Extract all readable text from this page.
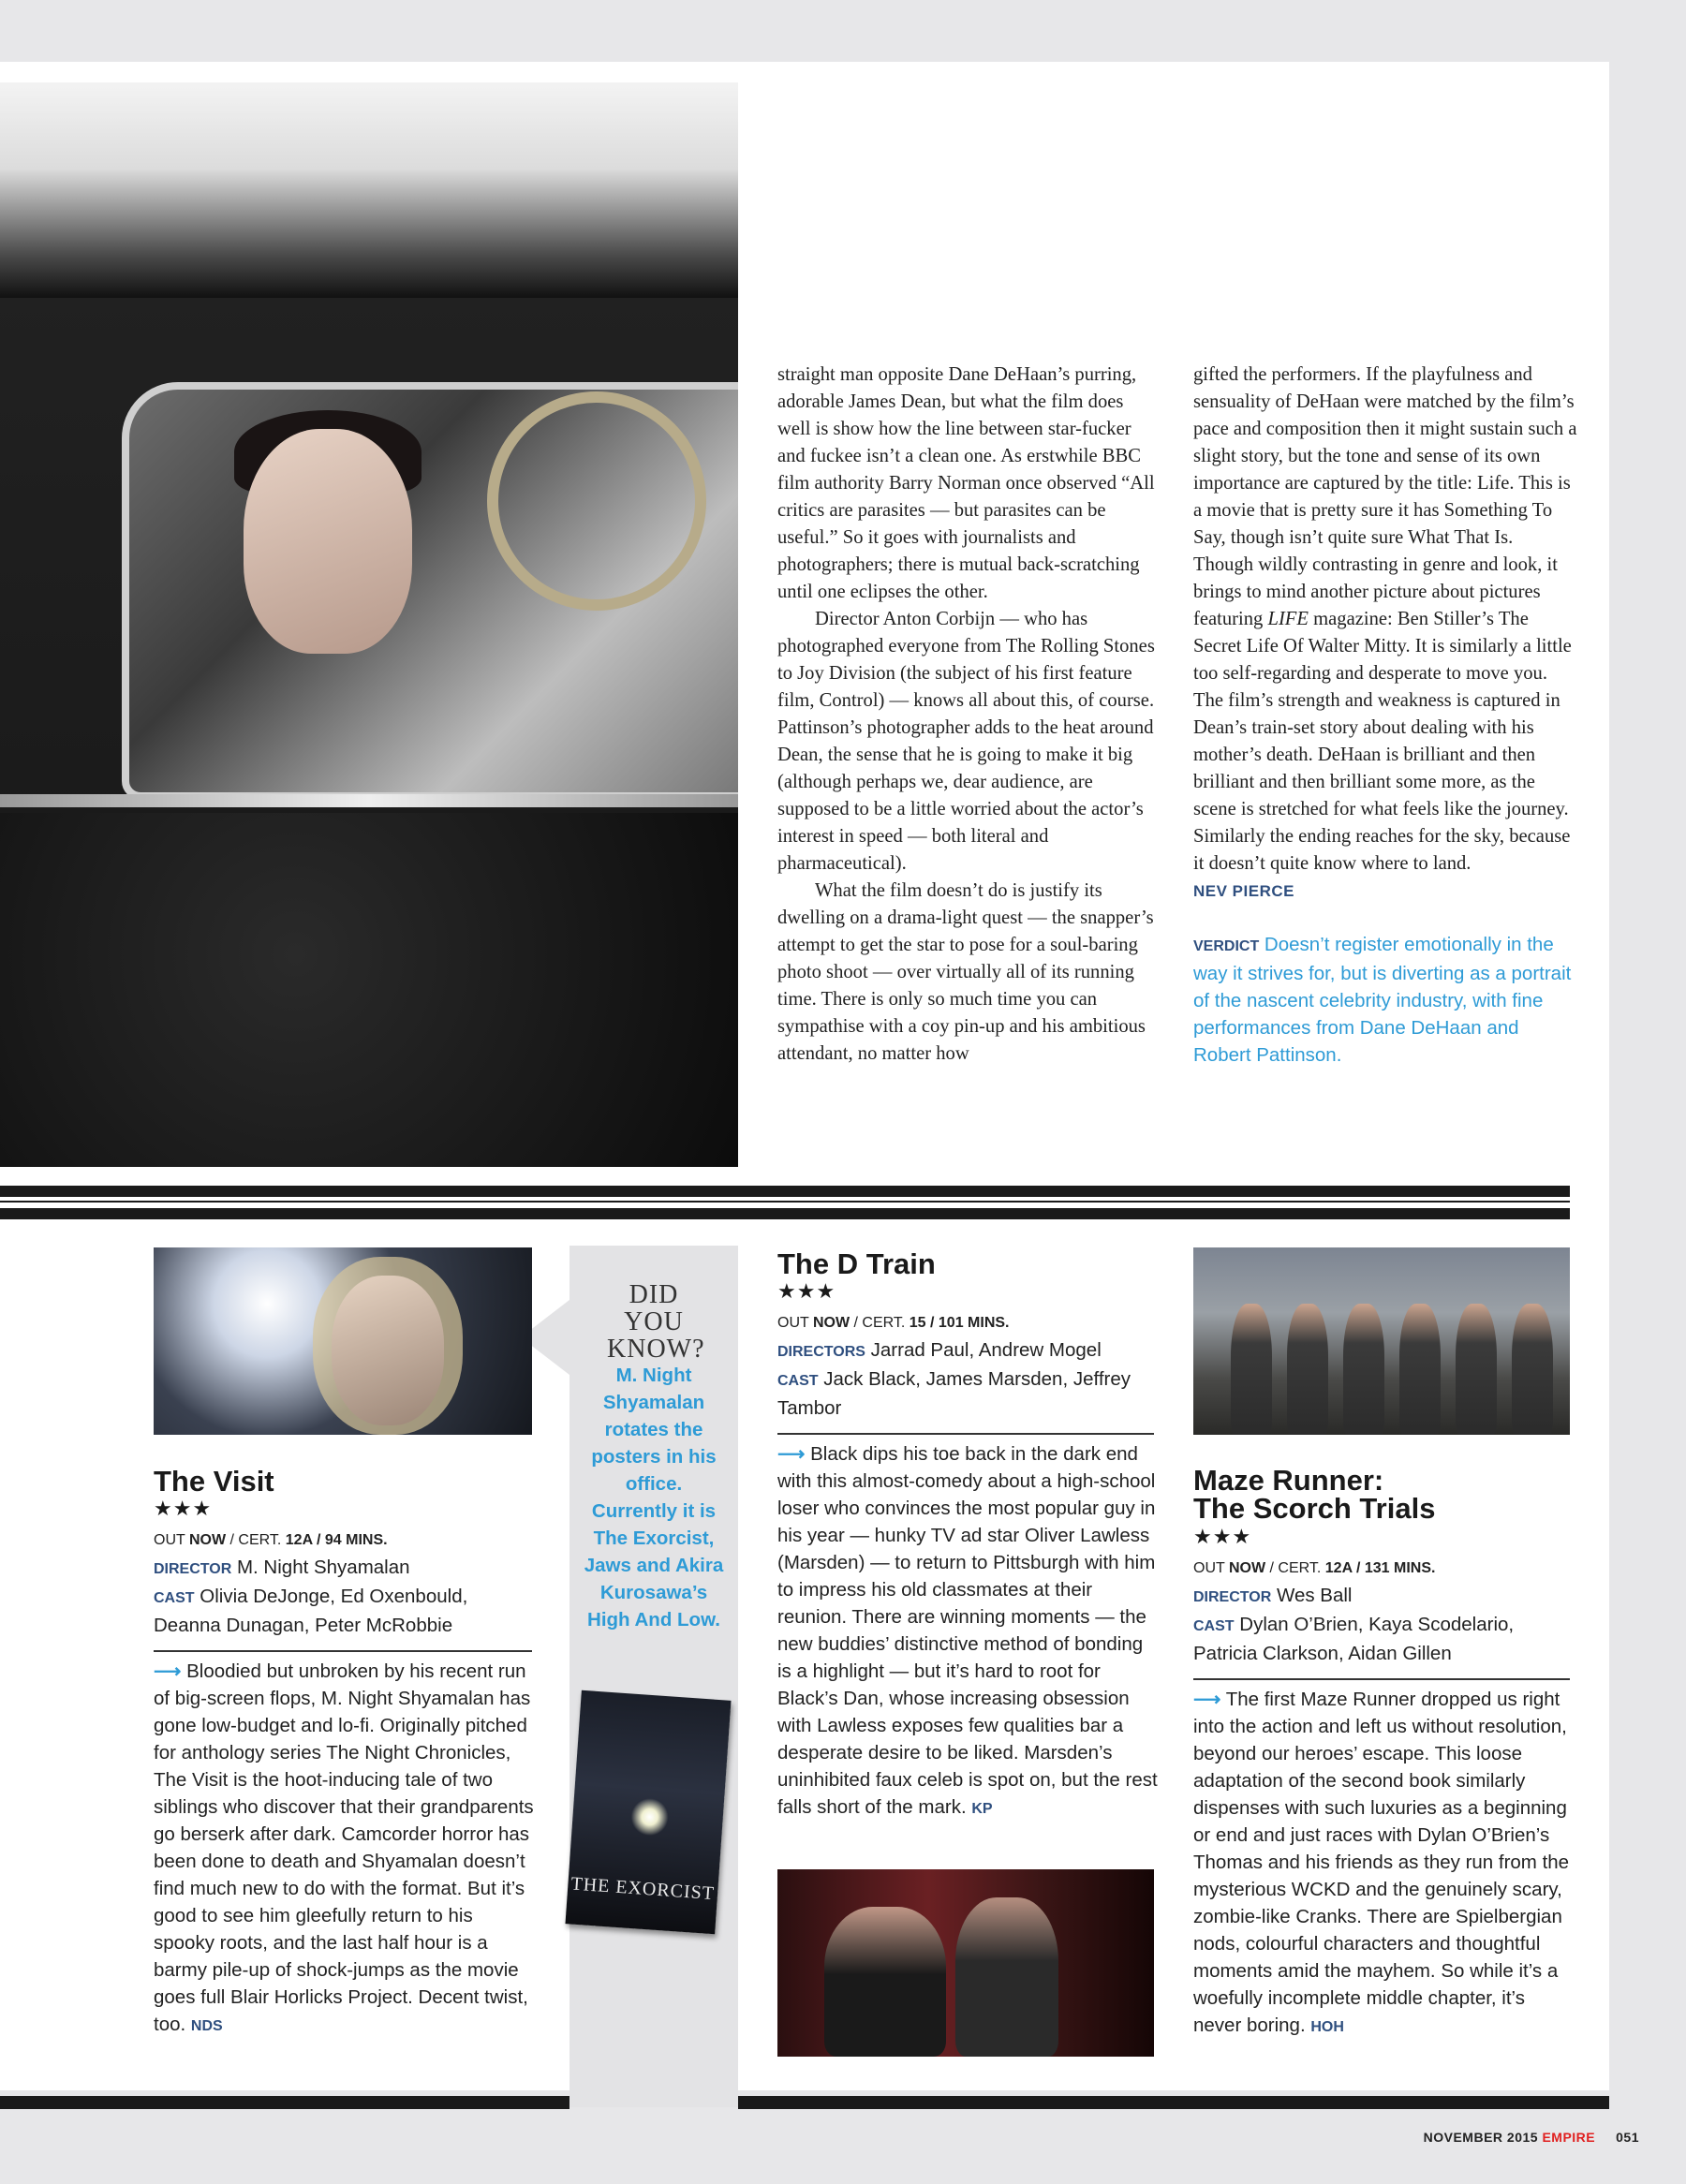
straight man opposite Dane DeHaan’s purring, adorable James Dean, but what the film does well is show how the line between star-fucker and fuckee isn’t a clean one. As erstwhile BBC film authority Barry Norman once observed “All critics are parasites — but parasites can be useful.” So it goes with journalists and photographers; there is mutual back-scratching until one eclipses the other.

Director Anton Corbijn — who has photographed everyone from The Rolling Stones to Joy Division (the subject of his first feature film, Control) — knows all about this, of course. Pattinson’s photographer adds to the heat around Dean, the sense that he is going to make it big (although perhaps we, dear audience, are supposed to be a little worried about the actor’s interest in speed — both literal and pharmaceutical).

What the film doesn’t do is justify its dwelling on a drama-light quest — the snapper’s attempt to get the star to pose for a soul-baring photo shoot — over virtually all of its running time. There is only so much time you can sympathise with a coy pin-up and his ambitious attendant, no matter how

gifted the performers. If the playfulness and sensuality of DeHaan were matched by the film’s pace and composition then it might sustain such a slight story, but the tone and sense of its own importance are captured by the title: Life. This is a movie that is pretty sure it has Something To Say, though isn’t quite sure What That Is. Though wildly contrasting in genre and look, it brings to mind another picture about pictures featuring LIFE magazine: Ben Stiller’s The Secret Life Of Walter Mitty. It is similarly a little too self-regarding and desperate to move you. The film’s strength and weakness is captured in Dean’s train-set story about dealing with his mother’s death. DeHaan is brilliant and then brilliant and then brilliant some more, as the scene is stretched for what feels like the journey. Similarly the ending reaches for the sky, because it doesn’t quite know where to land.

NEV PIERCE
VERDICT Doesn’t register emotionally in the way it strives for, but is diverting as a portrait of the nascent celebrity industry, with fine performances from Dane DeHaan and Robert Pattinson.
DID YOU KNOW?
M. Night Shyamalan rotates the posters in his office. Currently it is The Exorcist, Jaws and Akira Kurosawa’s High And Low.
THE EXORCIST
The Visit
★★★
OUT NOW / CERT. 12A / 94 MINS.
DIRECTOR M. Night Shyamalan
CAST Olivia DeJonge, Ed Oxenbould, Deanna Dunagan, Peter McRobbie
⟶ Bloodied but unbroken by his recent run of big-screen flops, M. Night Shyamalan has gone low-budget and lo-fi. Originally pitched for anthology series The Night Chronicles, The Visit is the hoot-inducing tale of two siblings who discover that their grandparents go berserk after dark. Camcorder horror has been done to death and Shyamalan doesn’t find much new to do with the format. But it’s good to see him gleefully return to his spooky roots, and the last half hour is a barmy pile-up of shock-jumps as the movie goes full Blair Horlicks Project. Decent twist, too. NDS
The D Train
★★★
OUT NOW / CERT. 15 / 101 MINS.
DIRECTORS Jarrad Paul, Andrew Mogel
CAST Jack Black, James Marsden, Jeffrey Tambor
⟶ Black dips his toe back in the dark end with this almost-comedy about a high-school loser who convinces the most popular guy in his year — hunky TV ad star Oliver Lawless (Marsden) — to return to Pittsburgh with him to impress his old classmates at their reunion. There are winning moments — the new buddies’ distinctive method of bonding is a highlight — but it’s hard to root for Black’s Dan, whose increasing obsession with Lawless exposes few qualities bar a desperate desire to be liked. Marsden’s uninhibited faux celeb is spot on, but the rest falls short of the mark. KP
Maze Runner:
The Scorch Trials
★★★
OUT NOW / CERT. 12A / 131 MINS.
DIRECTOR Wes Ball
CAST Dylan O’Brien, Kaya Scodelario, Patricia Clarkson, Aidan Gillen
⟶ The first Maze Runner dropped us right into the action and left us without resolution, beyond our heroes’ escape. This loose adaptation of the second book similarly dispenses with such luxuries as a beginning or end and just races with Dylan O’Brien’s Thomas and his friends as they run from the mysterious WCKD and the genuinely scary, zombie-like Cranks. There are Spielbergian nods, colourful characters and thoughtful moments amid the mayhem. So while it’s a woefully incomplete middle chapter, it’s never boring. HOH
NOVEMBER 2015 EMPIRE 051
